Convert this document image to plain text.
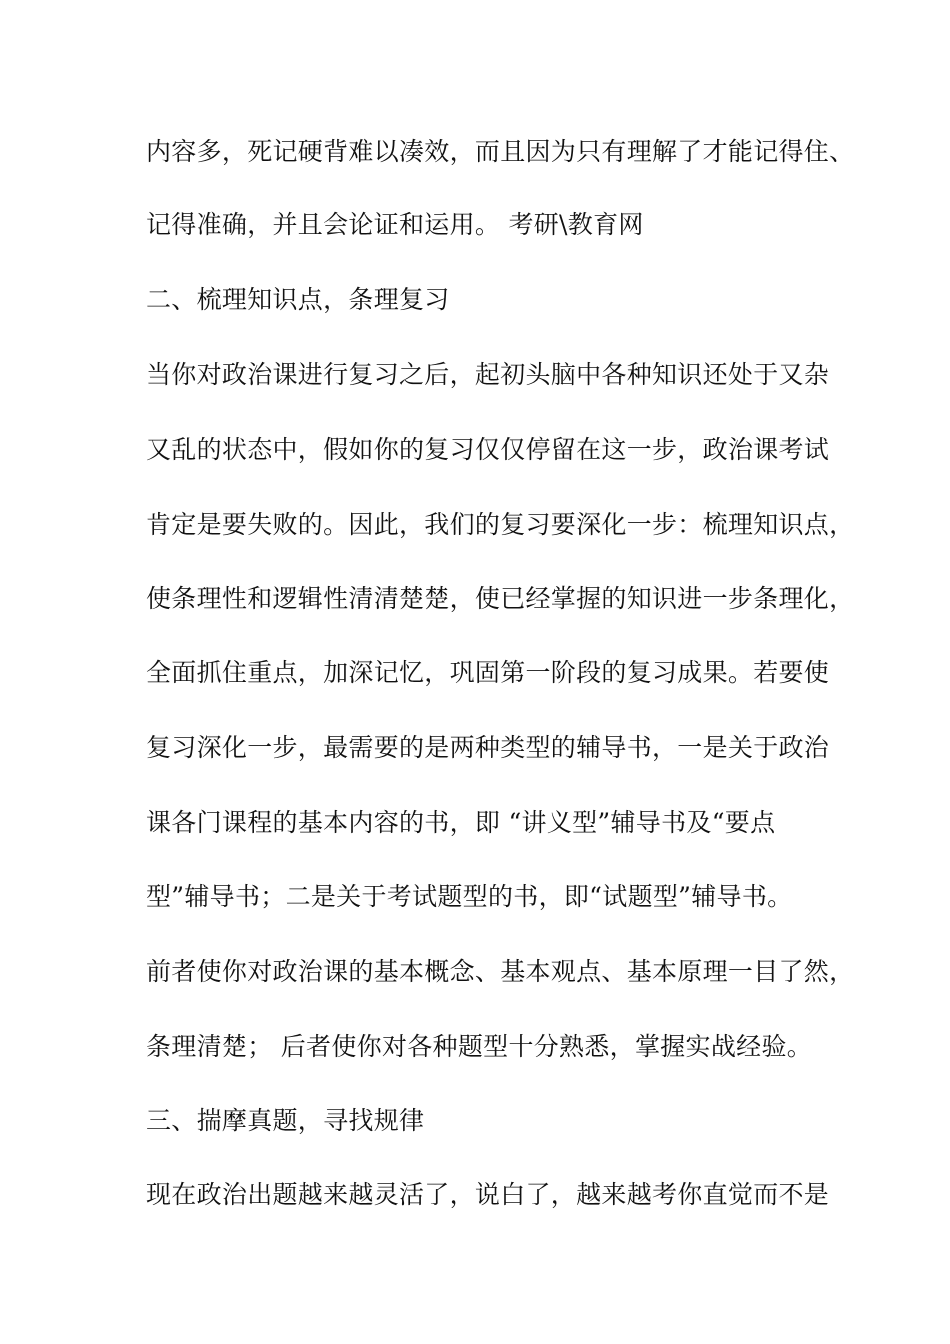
内容多，死记硬背难以凑效，而且因为只有理解了才能记得住、
记得准确，并且会论证和运用。 考研\教育网
二、梳理知识点，条理复习
当你对政治课进行复习之后，起初头脑中各种知识还处于又杂
又乱的状态中，假如你的复习仅仅停留在这一步，政治课考试
肯定是要失败的。因此，我们的复习要深化一步：梳理知识点，
使条理性和逻辑性清清楚楚，使已经掌握的知识进一步条理化，
全面抓住重点，加深记忆，巩固第一阶段的复习成果。若要使
复习深化一步，最需要的是两种类型的辅导书，一是关于政治
课各门课程的基本内容的书，即 “讲义型”辅导书及“要点
型”辅导书；二是关于考试题型的书，即“试题型”辅导书。
前者使你对政治课的基本概念、基本观点、基本原理一目了然，
条理清楚； 后者使你对各种题型十分熟悉，掌握实战经验。
三、揣摩真题，寻找规律
现在政治出题越来越灵活了，说白了，越来越考你直觉而不是
